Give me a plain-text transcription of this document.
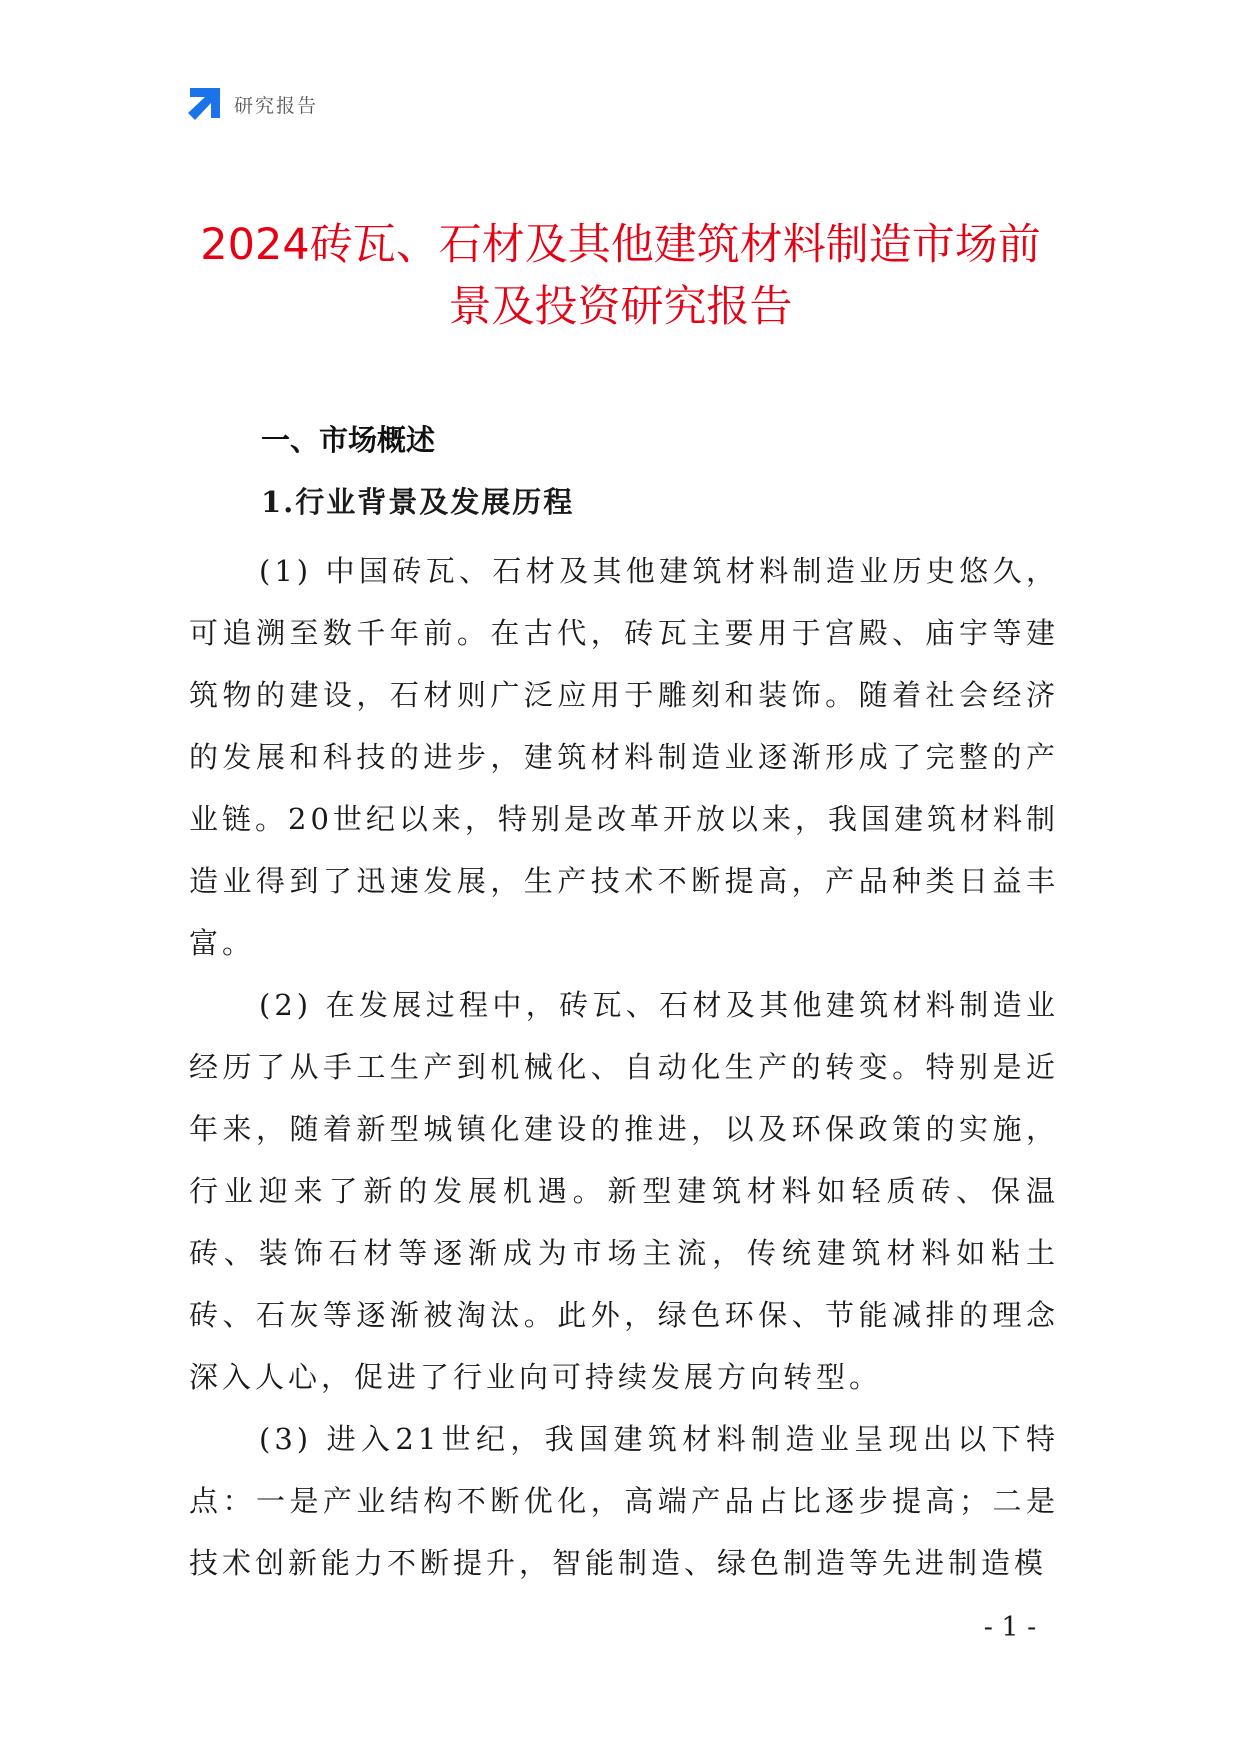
研究报告
2024砖瓦、石材及其他建筑材料制造市场前
景及投资研究报告
一、市场概述
1.行业背景及发展历程

(1) 中国砖瓦、石材及其他建筑材料制造业历史悠久，可追溯至数千年前。在古代，砖瓦主要用于宫殿、庙宇等建筑物的建设，石材则广泛应用于雕刻和装饰。随着社会经济的发展和科技的进步，建筑材料制造业逐渐形成了完整的产业链。20世纪以来，特别是改革开放以来，我国建筑材料制造业得到了迅速发展，生产技术不断提高，产品种类日益丰富。

(2) 在发展过程中，砖瓦、石材及其他建筑材料制造业经历了从手工生产到机械化、自动化生产的转变。特别是近年来，随着新型城镇化建设的推进，以及环保政策的实施，行业迎来了新的发展机遇。新型建筑材料如轻质砖、保温砖、装饰石材等逐渐成为市场主流，传统建筑材料如粘土砖、石灰等逐渐被淘汰。此外，绿色环保、节能减排的理念深入人心，促进了行业向可持续发展方向转型。

(3) 进入21世纪，我国建筑材料制造业呈现出以下特点：一是产业结构不断优化，高端产品占比逐步提高；二是技术创新能力不断提升，智能制造、绿色制造等先进制造模

- 1 -
